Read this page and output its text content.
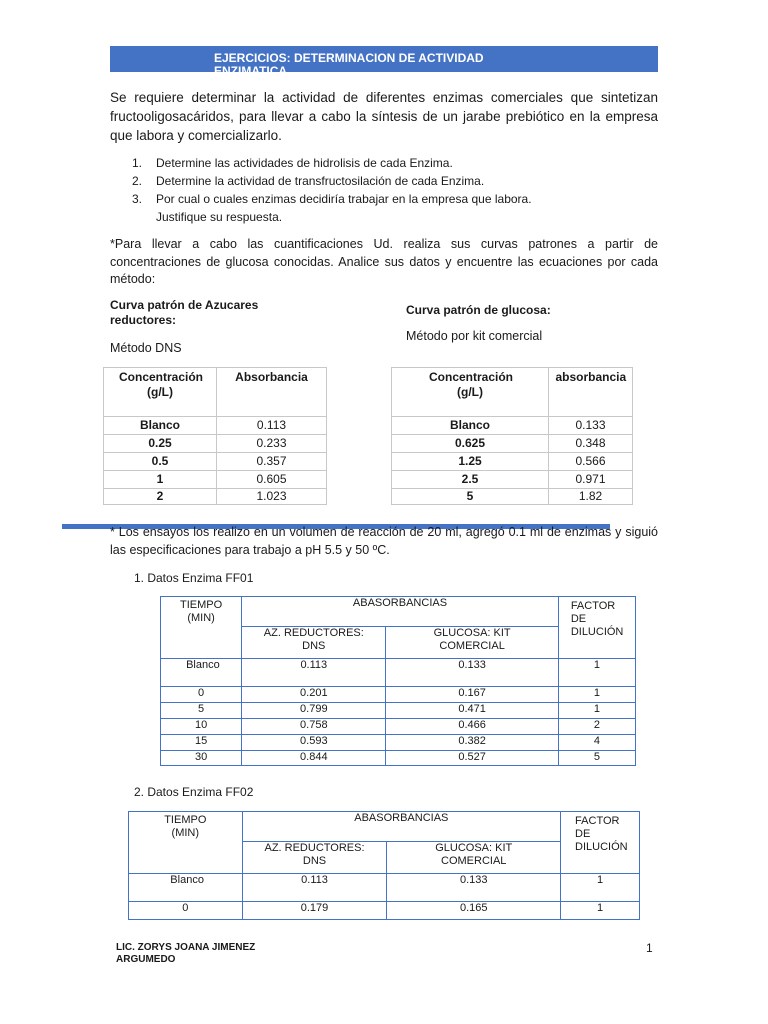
EJERCICIOS: DETERMINACION DE ACTIVIDAD ENZIMATICA
Se requiere determinar la actividad de diferentes enzimas comerciales que sintetizan fructooligosacáridos, para llevar a cabo la síntesis de un jarabe prebiótico en la empresa que labora y comercializarlo.
1.	Determine las actividades de hidrolisis de cada Enzima.
2.	Determine la actividad de transfructosilación de cada Enzima.
3.	Por cual o cuales enzimas decidiría trabajar en la empresa que labora. Justifique su respuesta.
*Para llevar a cabo las cuantificaciones Ud. realiza sus curvas patrones a partir de concentraciones de glucosa conocidas. Analice sus datos y encuentre las ecuaciones por cada método:
Curva patrón de Azucares reductores:
Método DNS
Concentración (g/L)	Absorbancia

Blanco	0.113
0.25	0.233
0.5	0.357
1	0.605
2	1.023
Curva patrón de glucosa:
Método por kit comercial
Concentración (g/L)	absorbancia

Blanco	0.133
0.625	0.348
1.25	0.566
2.5	0.971
5	1.82
* Los ensayos los realizo en un volumen de reacción de 20 ml, agregó 0.1 ml de enzimas y siguió las especificaciones para trabajo a pH 5.5 y 50 ºC.
1. Datos Enzima FF01
TIEMPO (MIN)	ABASORBANCIAS		FACTOR DE DILUCIÓN

	AZ. REDUCTORES: DNS	GLUCOSA: KIT COMERCIAL	

Blanco	0.113	0.133	1
0	0.201	0.167	1
5	0.799	0.471	1
10	0.758	0.466	2
15	0.593	0.382	4
30	0.844	0.527	5
2. Datos Enzima FF02
TIEMPO (MIN)	ABASORBANCIAS		FACTOR DE DILUCIÓN

	AZ. REDUCTORES: DNS	GLUCOSA: KIT COMERCIAL	

Blanco	0.113	0.133	1
0	0.179	0.165	1
LIC. ZORYS JOANA JIMENEZ ARGUMEDO
1
